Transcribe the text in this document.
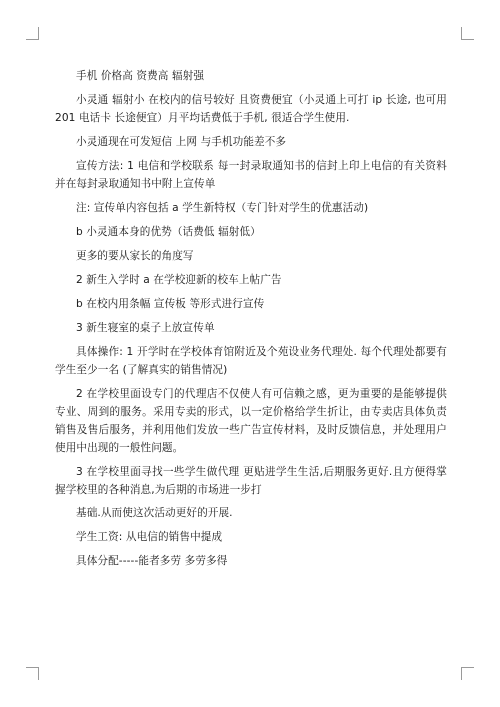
手机 价格高 资费高 辐射强

小灵通 辐射小 在校内的信号较好 且资费便宜（小灵通上可打 ip 长途, 也可用 201 电话卡 长途便宜）月平均话费低于手机, 很适合学生使用.

小灵通现在可发短信 上网 与手机功能差不多

宣传方法: 1 电信和学校联系 每一封录取通知书的信封上印上电信的有关资料 并在每封录取通知书中附上宣传单

注: 宣传单内容包括 a 学生新特权（专门针对学生的优惠活动)

b 小灵通本身的优势（话费低 辐射低）

更多的要从家长的角度写

2 新生入学时 a 在学校迎新的校车上帖广告

b 在校内用条幅 宣传板 等形式进行宣传

3 新生寝室的桌子上放宣传单

具体操作: 1 开学时在学校体育馆附近及个苑设业务代理处. 每个代理处都要有学生至少一名 (了解真实的销售情况)

2 在学校里面设专门的代理店不仅使人有可信赖之感，更为重要的是能够提供专业、周到的服务。采用专卖的形式，以一定价格给学生折让，由专卖店具体负责销售及售后服务，并利用他们发放一些广告宣传材料，及时反馈信息，并处理用户使用中出现的一般性问题。

3 在学校里面寻找一些学生做代理 更贴进学生生活,后期服务更好.且方便得掌握学校里的各种消息,为后期的市场进一步打

基础.从而使这次活动更好的开展.

学生工资: 从电信的销售中提成

具体分配-----能者多劳 多劳多得
